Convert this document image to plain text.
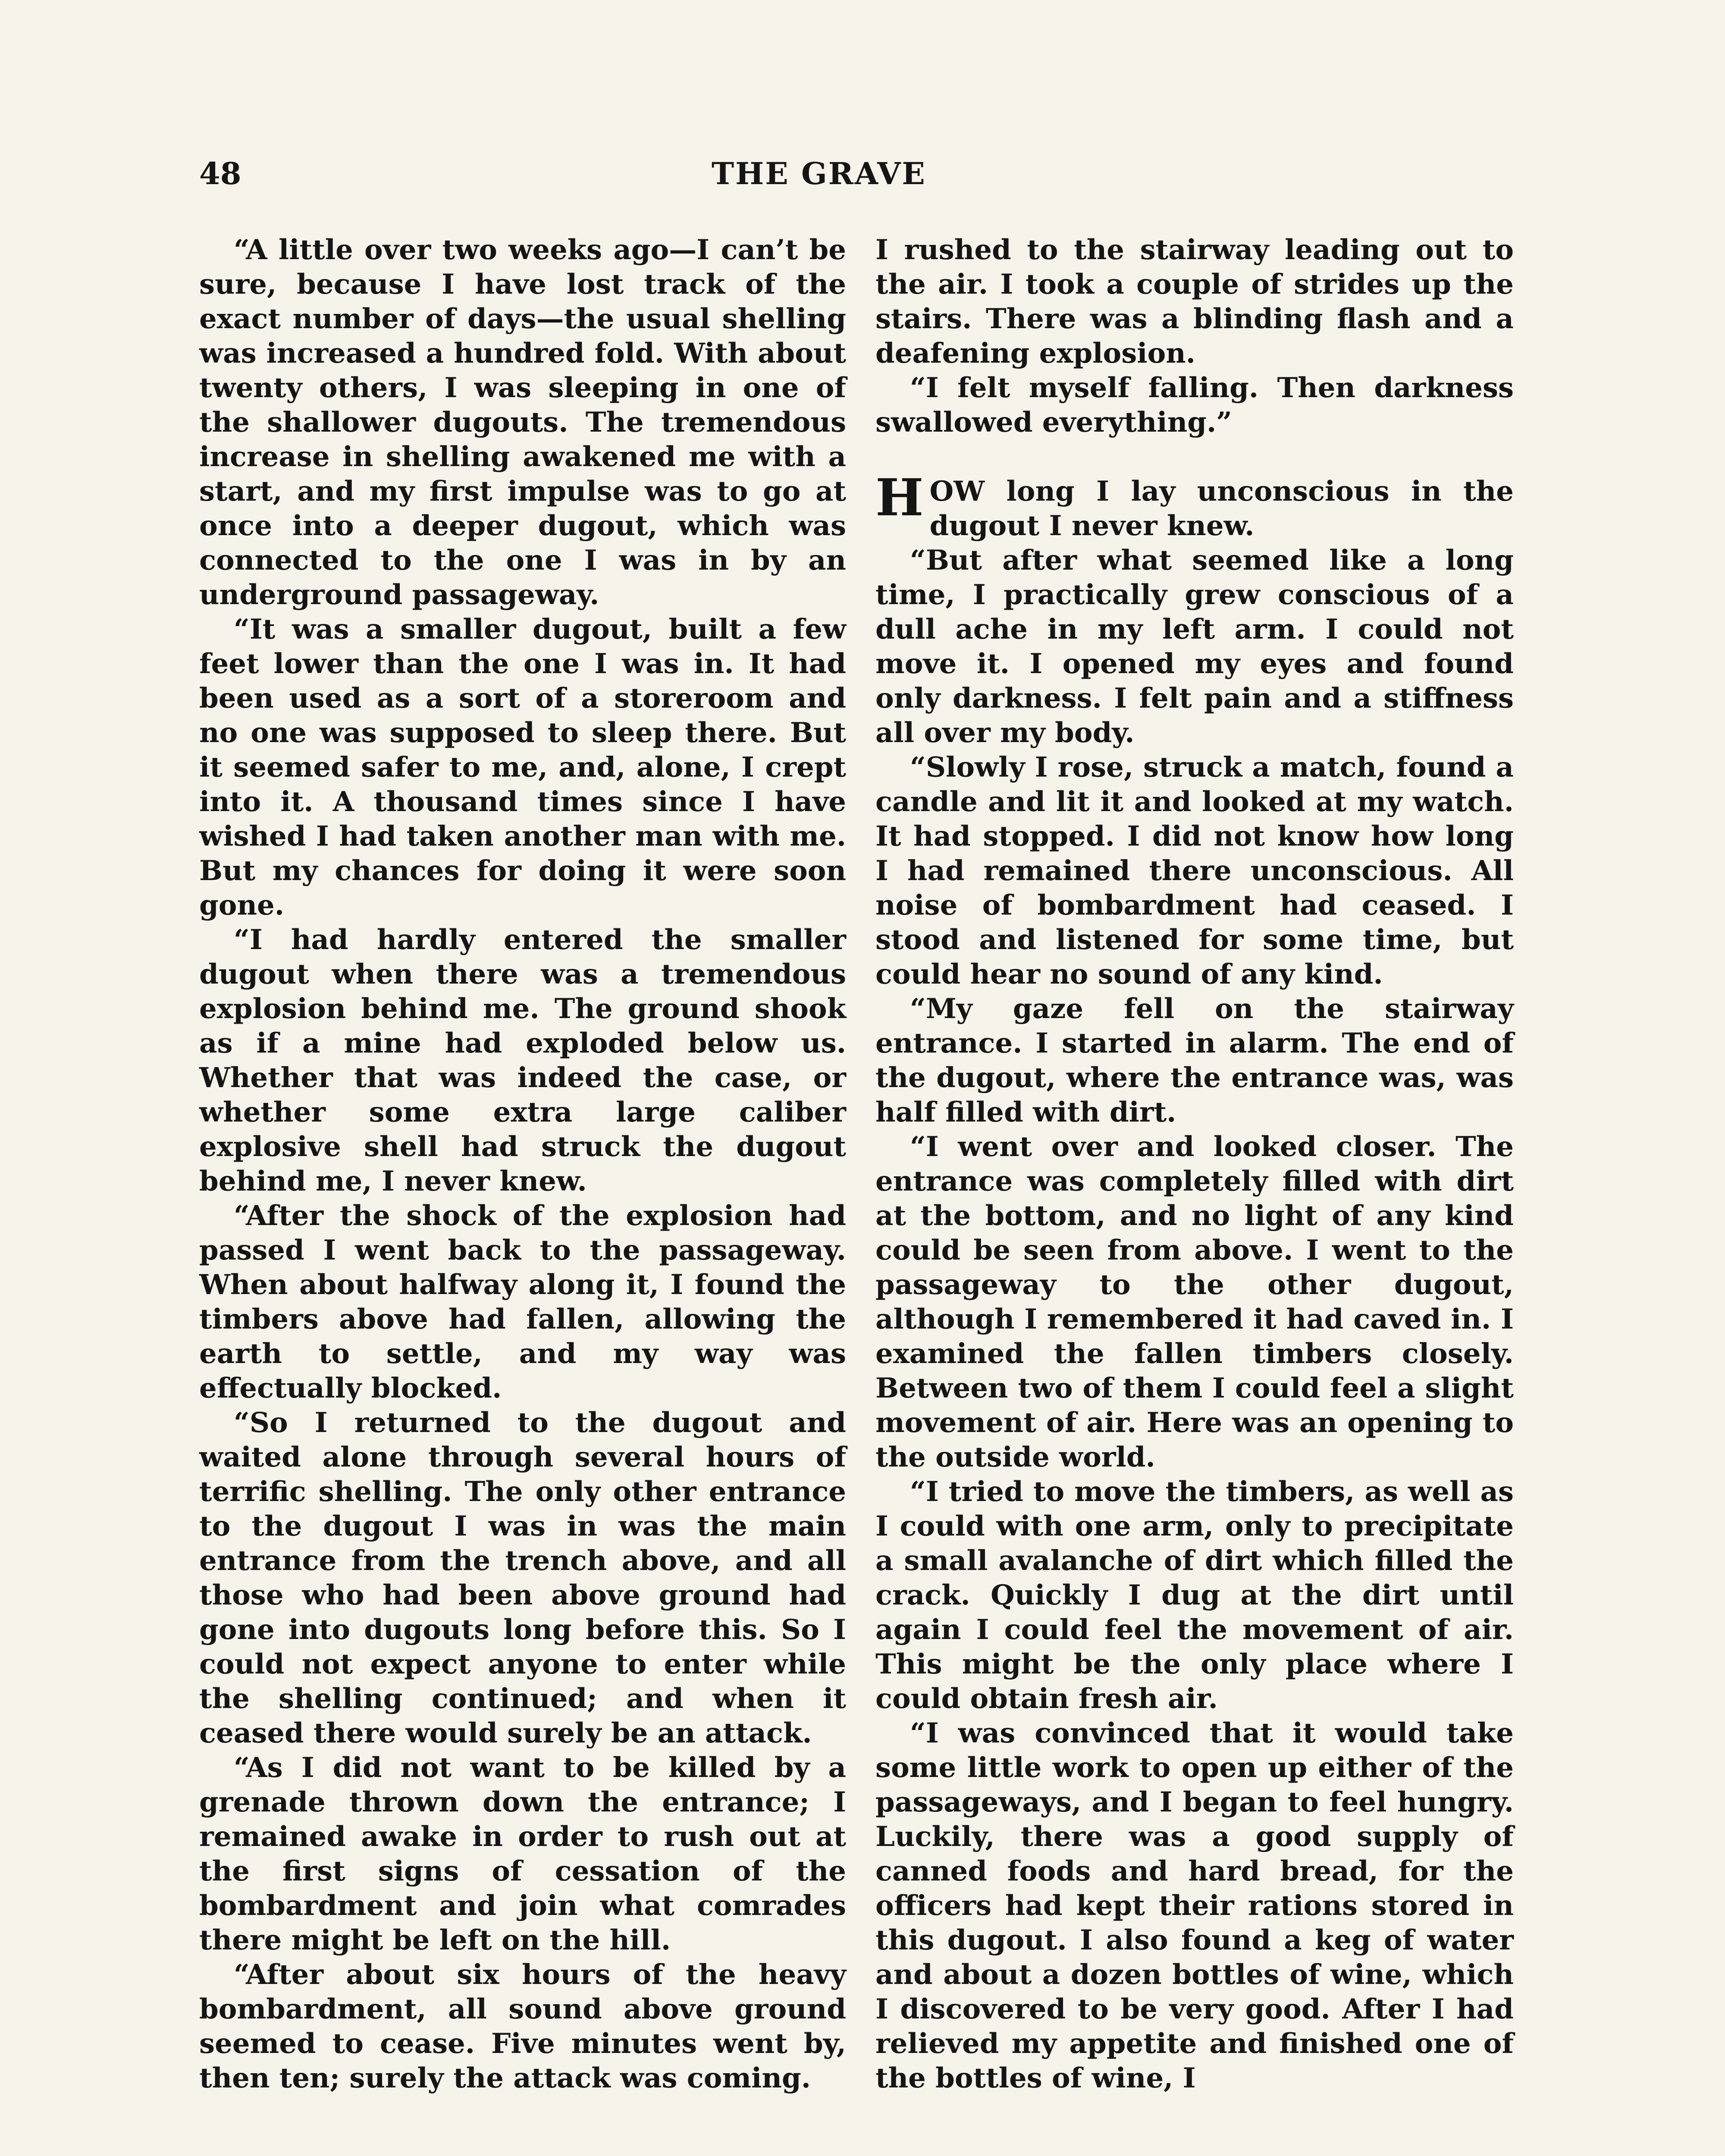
48	THE GRAVE

“A little over two weeks ago—I can’t be sure, because I have lost track of the exact number of days—the usual shelling was increased a hundred fold. With about twenty others, I was sleeping in one of the shallower dugouts. The tremendous increase in shelling awakened me with a start, and my first impulse was to go at once into a deeper dugout, which was connected to the one I was in by an underground passageway.

“It was a smaller dugout, built a few feet lower than the one I was in. It had been used as a sort of a storeroom and no one was supposed to sleep there. But it seemed safer to me, and, alone, I crept into it. A thousand times since I have wished I had taken another man with me. But my chances for doing it were soon gone.

“I had hardly entered the smaller dugout when there was a tremendous explosion behind me. The ground shook as if a mine had exploded below us. Whether that was indeed the case, or whether some extra large caliber explosive shell had struck the dugout behind me, I never knew.

“After the shock of the explosion had passed I went back to the passageway. When about halfway along it, I found the timbers above had fallen, allowing the earth to settle, and my way was effectually blocked.

“So I returned to the dugout and waited alone through several hours of terrific shelling. The only other entrance to the dugout I was in was the main entrance from the trench above, and all those who had been above ground had gone into dugouts long before this. So I could not expect anyone to enter while the shelling continued; and when it ceased there would surely be an attack.

“As I did not want to be killed by a grenade thrown down the entrance; I remained awake in order to rush out at the first signs of cessation of the bombardment and join what comrades there might be left on the hill.

“After about six hours of the heavy bombardment, all sound above ground seemed to cease. Five minutes went by, then ten; surely the attack was coming.

I rushed to the stairway leading out to the air. I took a couple of strides up the stairs. There was a blinding flash and a deafening explosion.

“I felt myself falling. Then darkness swallowed everything.”

HOW long I lay unconscious in the dugout I never knew.

“But after what seemed like a long time, I practically grew conscious of a dull ache in my left arm. I could not move it. I opened my eyes and found only darkness. I felt pain and a stiffness all over my body.

“Slowly I rose, struck a match, found a candle and lit it and looked at my watch. It had stopped. I did not know how long I had remained there unconscious. All noise of bombardment had ceased. I stood and listened for some time, but could hear no sound of any kind.

“My gaze fell on the stairway entrance. I started in alarm. The end of the dugout, where the entrance was, was half filled with dirt.

“I went over and looked closer. The entrance was completely filled with dirt at the bottom, and no light of any kind could be seen from above. I went to the passageway to the other dugout, although I remembered it had caved in. I examined the fallen timbers closely. Between two of them I could feel a slight movement of air. Here was an opening to the outside world.

“I tried to move the timbers, as well as I could with one arm, only to precipitate a small avalanche of dirt which filled the crack. Quickly I dug at the dirt until again I could feel the movement of air. This might be the only place where I could obtain fresh air.

“I was convinced that it would take some little work to open up either of the passageways, and I began to feel hungry. Luckily, there was a good supply of canned foods and hard bread, for the officers had kept their rations stored in this dugout. I also found a keg of water and about a dozen bottles of wine, which I discovered to be very good. After I had relieved my appetite and finished one of the bottles of wine, I
